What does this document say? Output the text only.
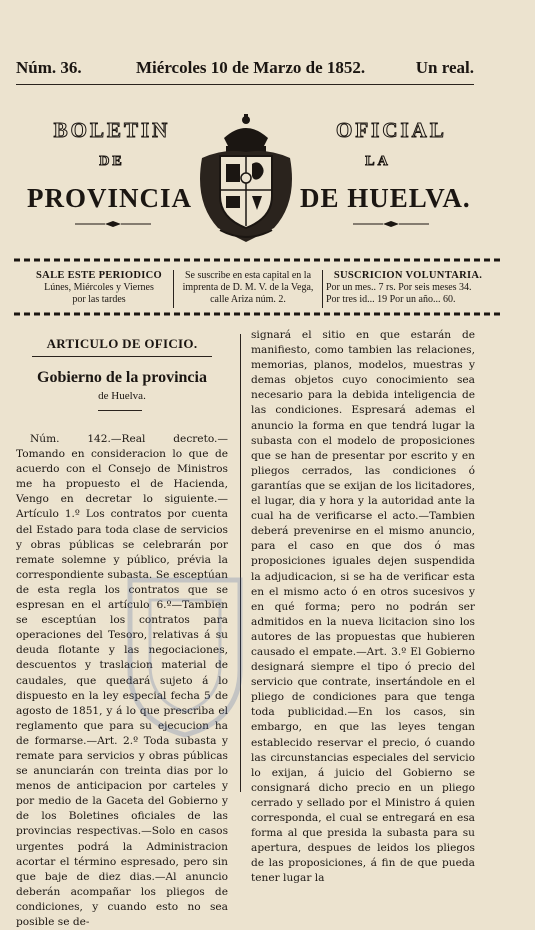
Núm. 36.	Miércoles 10 de Marzo de 1852.	Un real.
BOLETIN	OFICIAL
DE	LA
PROVINCIA	DE HUELVA.
SALE ESTE PERIODICO
Lúnes, Miércoles y Viernes
por las tardes
Se suscribe en esta capital en la imprenta de D. M. V. de la Vega, calle Ariza núm. 2.
SUSCRICION VOLUNTARIA.
Por un mes.. 7 rs. Por seis meses 34.
Por tres id... 19 Por un año... 60.
ARTICULO DE OFICIO.
Gobierno de la provincia
de Huelva.

Núm. 142.—Real decreto.—Tomando en consideracion lo que de acuerdo con el Consejo de Ministros me ha propuesto el de Hacienda, Vengo en decretar lo siguiente.—Artículo 1.º Los contratos por cuenta del Estado para toda clase de servicios y obras públicas se celebrarán por remate solemne y público, prévia la correspondiente subasta. Se esceptúan de esta regla los contratos que se espresan en el artículo 6.º—Tambien se esceptúan los contratos para operaciones del Tesoro, relativas á su deuda flotante y las negociaciones, descuentos y traslacion material de caudales, que quedará sujeto á lo dispuesto en la ley especial fecha 5 de agosto de 1851, y á lo que prescriba el reglamento que para su ejecucion ha de formarse.—Art. 2.º Toda subasta y remate para servicios y obras públicas se anunciarán con treinta dias por lo menos de anticipacion por carteles y por medio de la Gaceta del Gobierno y de los Boletines oficiales de las provincias respectivas.—Solo en casos urgentes podrá la Administracion acortar el término espresado, pero sin que baje de diez dias.—Al anuncio deberán acompañar los pliegos de condiciones, y cuando esto no sea posible se de-

signará el sitio en que estarán de manifiesto, como tambien las relaciones, memorias, planos, modelos, muestras y demas objetos cuyo conocimiento sea necesario para la debida inteligencia de las condiciones. Espresará ademas el anuncio la forma en que tendrá lugar la subasta con el modelo de proposiciones que se han de presentar por escrito y en pliegos cerrados, las condiciones ó garantías que se exijan de los licitadores, el lugar, dia y hora y la autoridad ante la cual ha de verificarse el acto.—Tambien deberá prevenirse en el mismo anuncio, para el caso en que dos ó mas proposiciones iguales dejen suspendida la adjudicacion, si se ha de verificar esta en el mismo acto ó en otros sucesivos y en qué forma; pero no podrán ser admitidos en la nueva licitacion sino los autores de las propuestas que hubieren causado el empate.—Art. 3.º El Gobierno designará siempre el tipo ó precio del servicio que contrate, insertándole en el pliego de condiciones para que tenga toda publicidad.—En los casos, sin embargo, en que las leyes tengan establecido reservar el precio, ó cuando las circunstancias especiales del servicio lo exijan, á juicio del Gobierno se consignará dicho precio en un pliego cerrado y sellado por el Ministro á quien corresponda, el cual se entregará en esa forma al que presida la subasta para su apertura, despues de leidos los pliegos de las proposiciones, á fin de que pueda tener lugar la
